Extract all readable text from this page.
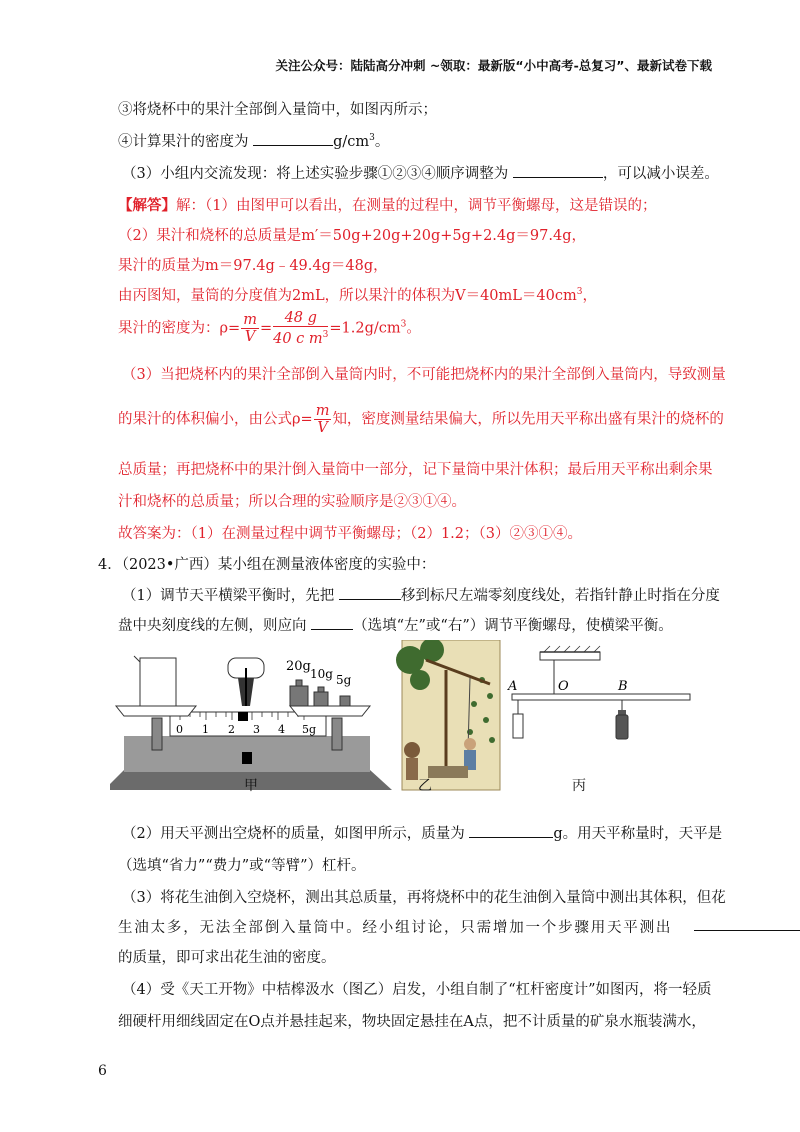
关注公众号：陆陆高分冲刺 ~领取：最新版“小中高考-总复习”、最新试卷下载
③将烧杯中的果汁全部倒入量筒中，如图丙所示；
④计算果汁的密度为	$g/cm^3$。
（3）小组内交流发现：将上述实验步骤①②③④顺序调整为	，可以减小误差。
【解答】解：（1）由图甲可以看出，在测量的过程中，调节平衡螺母，这是错误的；
（2）果汁和烧杯的总质量是m′＝50g+20g+20g+5g+2.4g＝97.4g，
果汁的质量为m＝97.4g﹣49.4g＝48g，
由丙图知，量筒的分度值为2mL，所以果汁的体积为$V=40mL=40cm^3$，
果汁的密度为：$\rho= \frac{m}{V} = \frac{48 g}{40 c m^3} =1.2g/cm^3$。
（3）当把烧杯内的果汁全部倒入量筒内时，不可能把烧杯内的果汁全部倒入量筒内，导致测量
的果汁的体积偏小，由公式$\rho= \frac{m}{V}$ 知，密度测量结果偏大，所以先用天平称出盛有果汁的烧杯的
总质量；再把烧杯中的果汁倒入量筒中一部分，记下量筒中果汁体积；最后用天平称出剩余果
汁和烧杯的总质量；所以合理的实验顺序是②③①④。
故答案为：（1）在测量过程中调节平衡螺母；（2）1.2；（3）②③①④。
4．（2023•广西）某小组在测量液体密度的实验中：
（1）调节天平横梁平衡时，先把	移到标尺左端零刻度线处，若指针静止时指在分度
盘中央刻度线的左侧，则应向	（选填“左”或“右”）调节平衡螺母，使横梁平衡。
0 1 2 3 4 5g
20g 10g 5g	A	O	B
甲	乙	丙
（2）用天平测出空烧杯的质量，如图甲所示，质量为	g。用天平称量时，天平是
（选填“省力”“费力”或“等臂”）杠杆。
（3）将花生油倒入空烧杯，测出其总质量，再将烧杯中的花生油倒入量筒中测出其体积，但花
生油太多，无法全部倒入量筒中。经小组讨论，只需增加一个步骤用天平测出
的质量，即可求出花生油的密度。
（4）受《天工开物》中桔槔汲水（图乙）启发，小组自制了“杠杆密度计”如图丙，将一轻质
细硬杆用细线固定在O点并悬挂起来，物块固定悬挂在A点，把不计质量的矿泉水瓶装满水，
6
